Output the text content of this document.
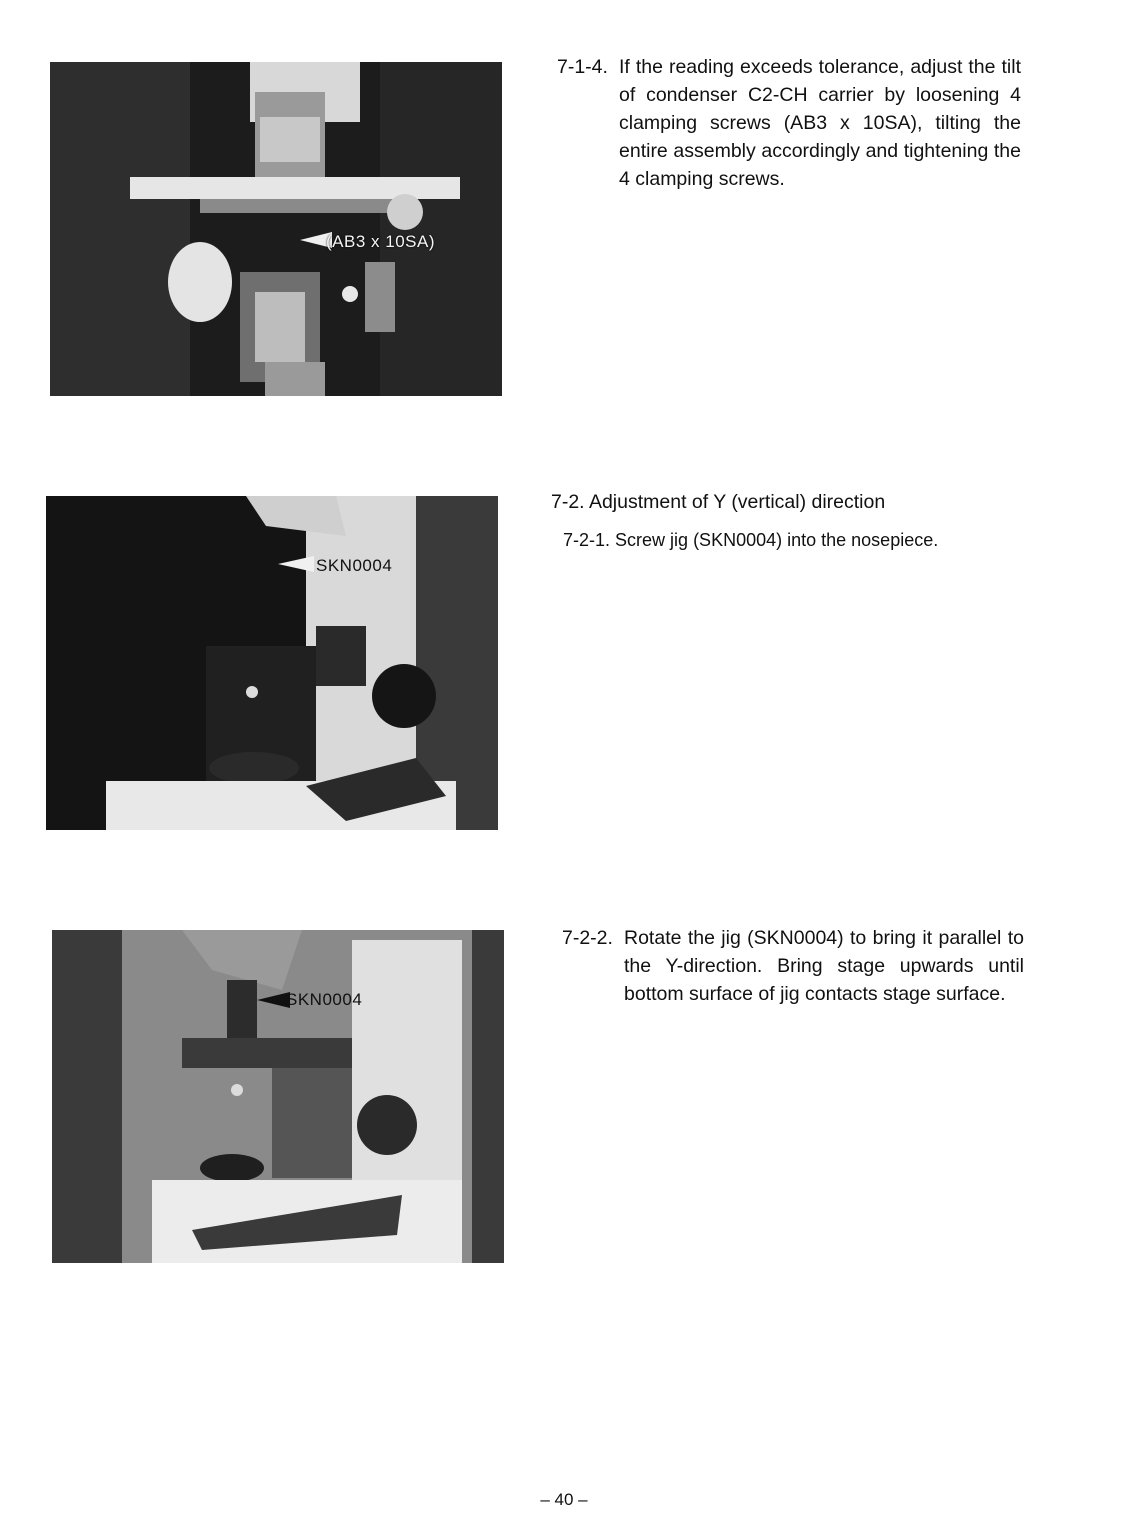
(AB3 x 10SA)
SKN0004
SKN0004
7-1-4. If the reading exceeds tolerance, adjust the tilt of condenser C2-CH carrier by loosening 4 clamping screws (AB3 x 10SA), tilting the entire assembly accordingly and tightening the 4 clamping screws.
7-2. Adjustment of Y (vertical) direction
7-2-1. Screw jig (SKN0004) into the nosepiece.
7-2-2. Rotate the jig (SKN0004) to bring it parallel to the Y-direction. Bring stage upwards until bottom surface of jig contacts stage surface.
– 40 –
